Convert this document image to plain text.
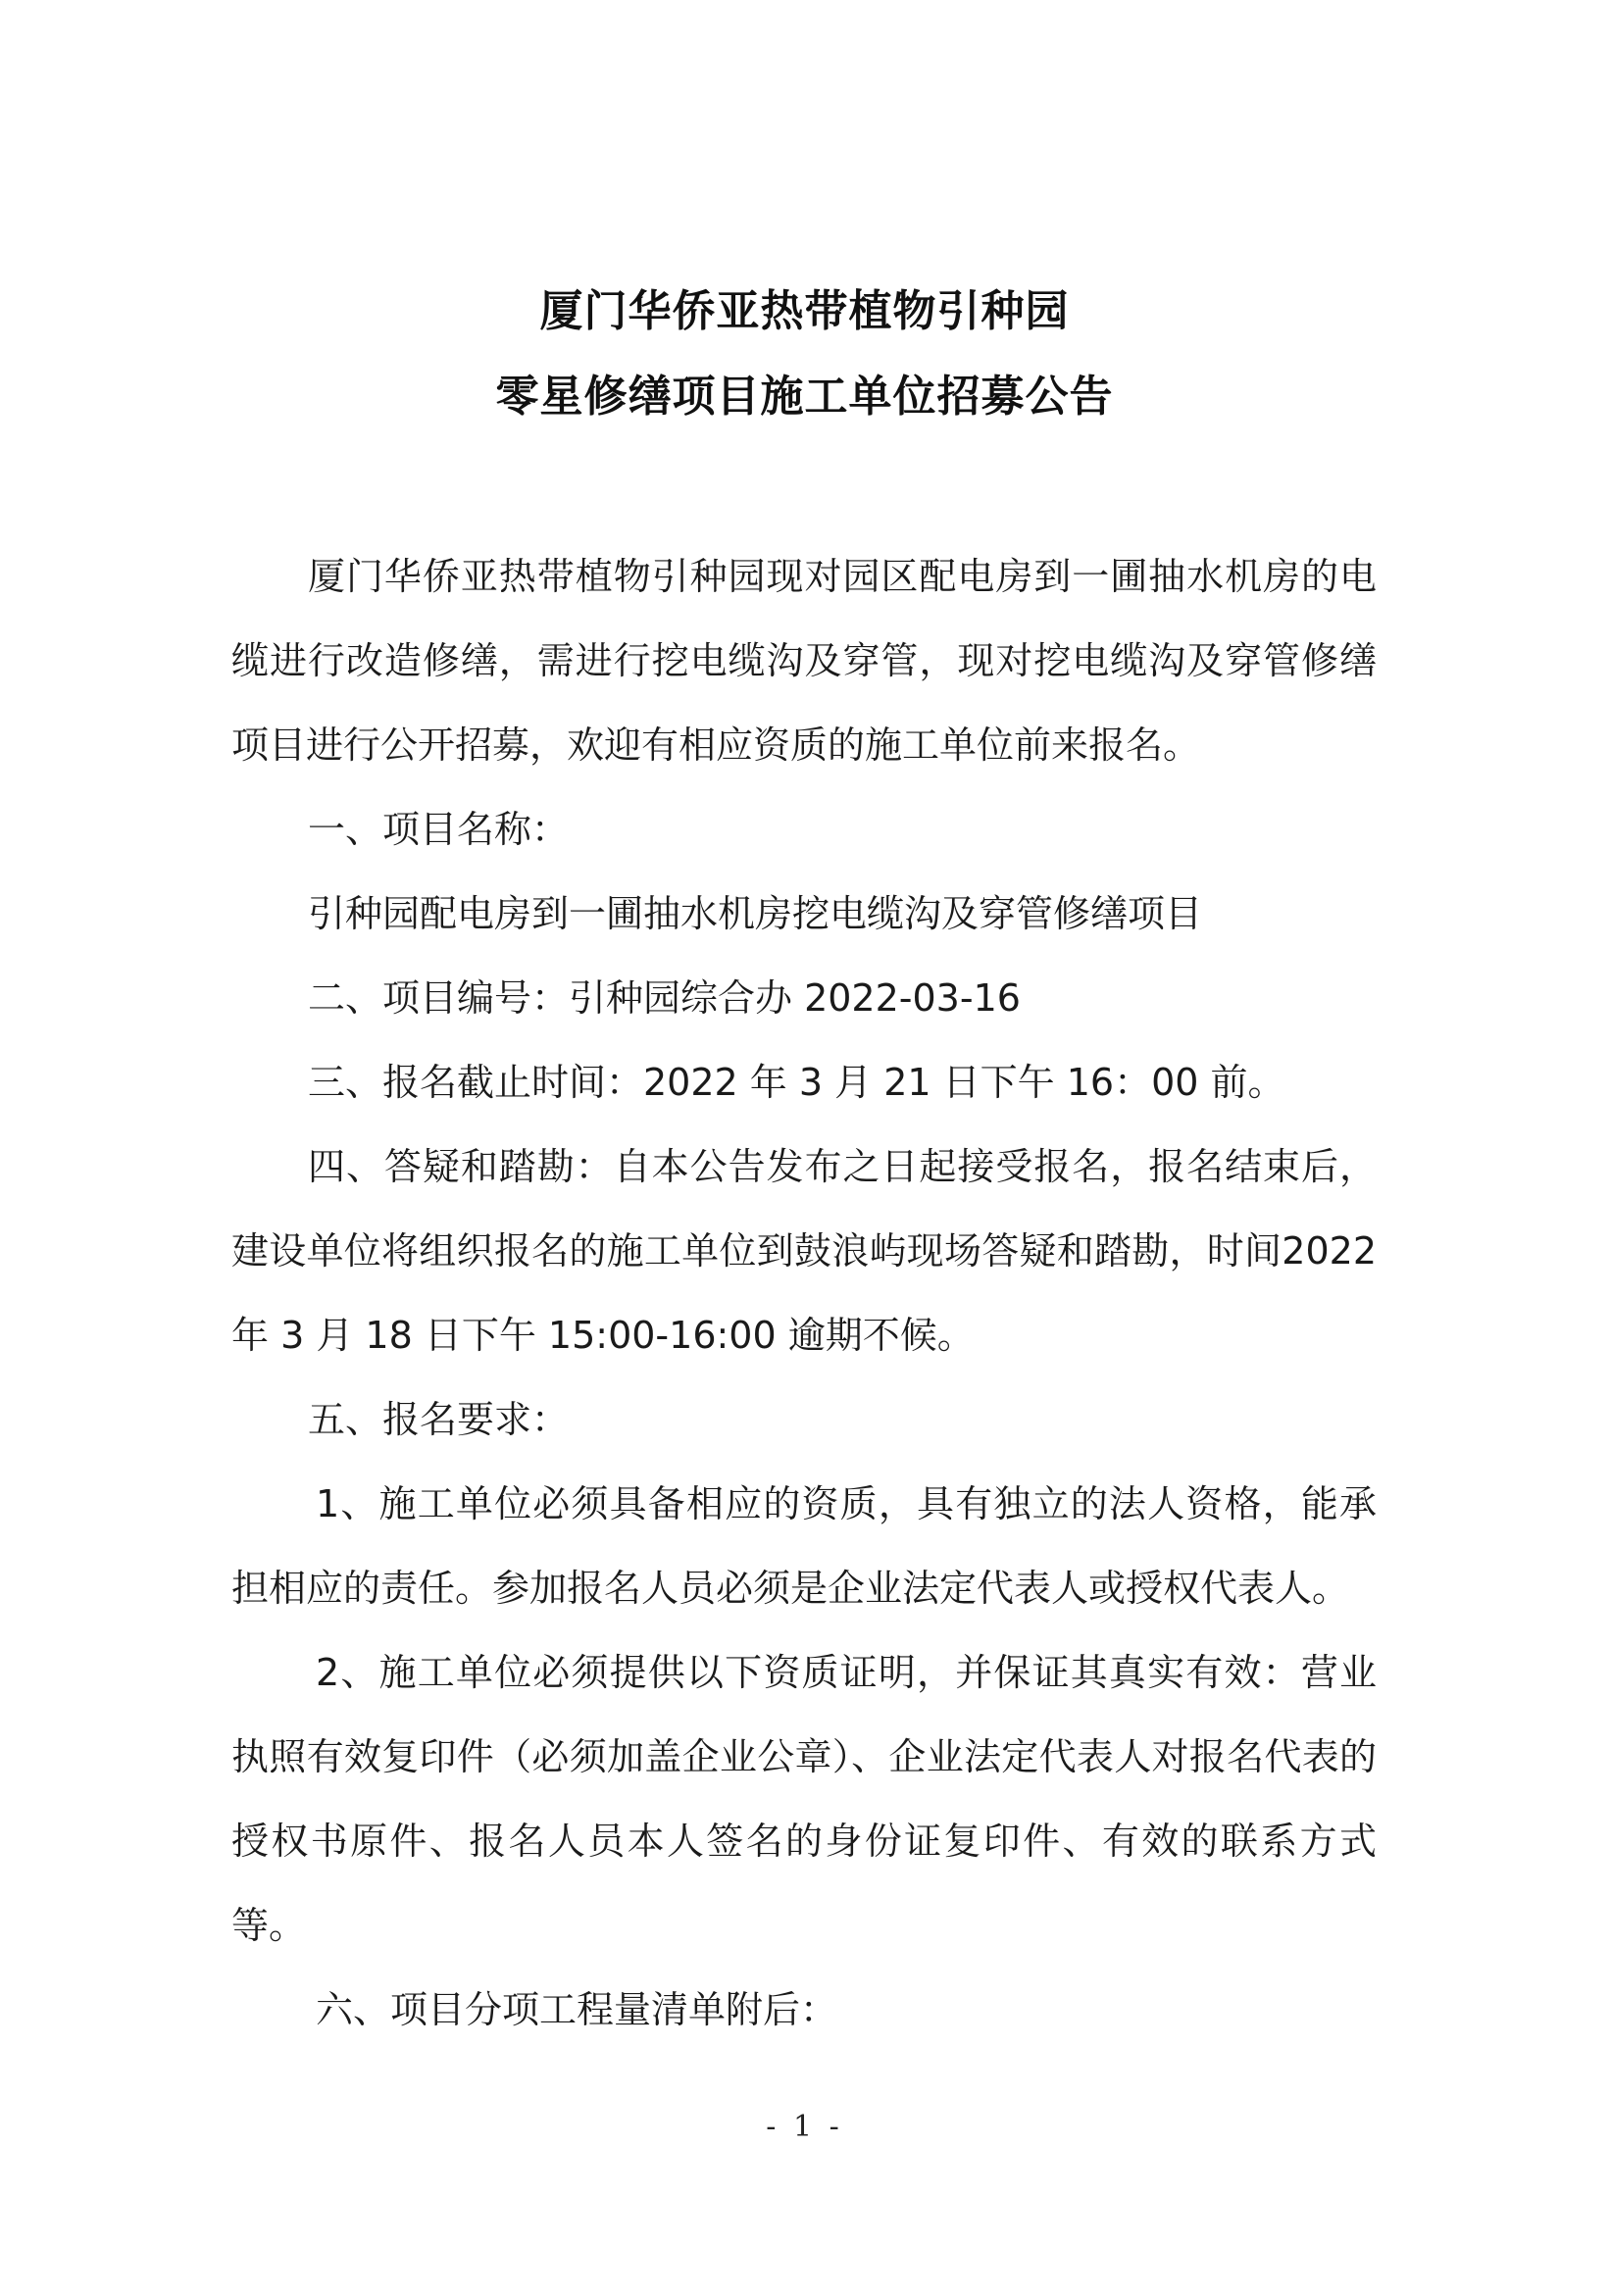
厦门华侨亚热带植物引种园
零星修缮项目施工单位招募公告

厦门华侨亚热带植物引种园现对园区配电房到一圃抽水机房的电缆进行改造修缮，需进行挖电缆沟及穿管，现对挖电缆沟及穿管修缮项目进行公开招募，欢迎有相应资质的施工单位前来报名。

一、项目名称：

引种园配电房到一圃抽水机房挖电缆沟及穿管修缮项目

二、项目编号：引种园综合办 2022-03-16

三、报名截止时间：2022 年 3 月 21 日下午 16：00 前。

四、答疑和踏勘：自本公告发布之日起接受报名，报名结束后，建设单位将组织报名的施工单位到鼓浪屿现场答疑和踏勘，时间2022 年 3 月 18 日下午 15:00-16:00 逾期不候。

五、报名要求：

1、施工单位必须具备相应的资质，具有独立的法人资格，能承担相应的责任。参加报名人员必须是企业法定代表人或授权代表人。

2、施工单位必须提供以下资质证明，并保证其真实有效：营业执照有效复印件（必须加盖企业公章）、企业法定代表人对报名代表的授权书原件、报名人员本人签名的身份证复印件、有效的联系方式等。

六、项目分项工程量清单附后：

- 1 -
